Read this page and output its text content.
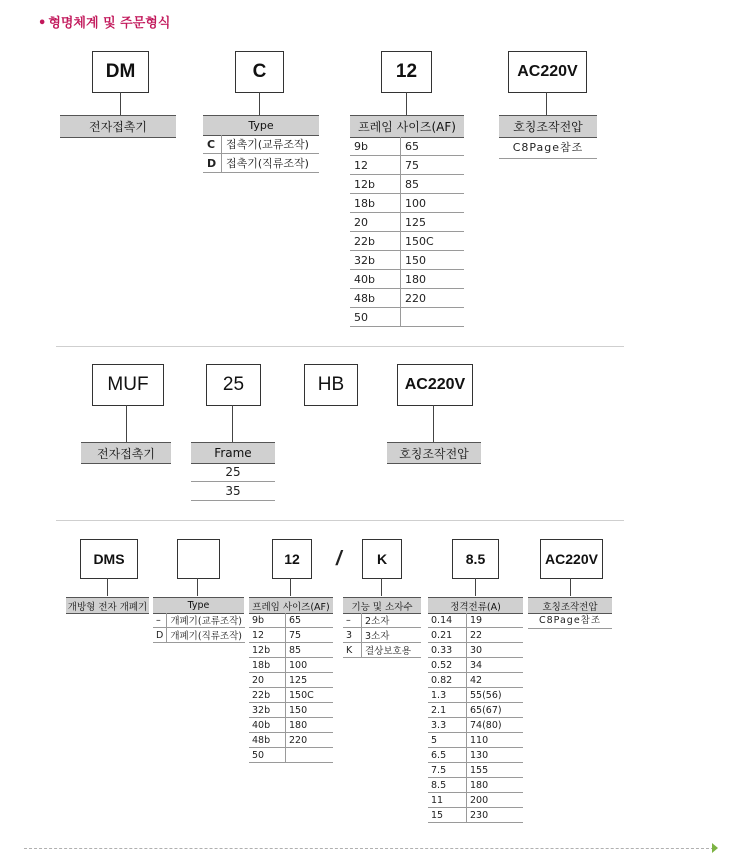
• 형명체계 및 주문형식
DM
전자접촉기
C
Type
C	접촉기(교류조작)
D	접촉기(직류조작)
12
프레임 사이즈(AF)
9b	65
12	75
12b	85
18b	100
20	125
22b	150C
32b	150
40b	180
48b	220
50	
AC220V
호칭조작전압
C8Page참조
MUF
전자접촉기
25
Frame
25
35
HB	AC220V
호칭조작전압
DMS
개방형 전자 개폐기	Type
–	개폐기(교류조작)
D	개폐기(직류조작)
12
프레임 사이즈(AF)
9b	65
12	75
12b	85
18b	100
20	125
22b	150C
32b	150
40b	180
48b	220
50	
/	K
기능 및 소자수
–	2소자
3	3소자
K	결상보호용
8.5
정격전류(A)
0.14	19
0.21	22
0.33	30
0.52	34
0.82	42
1.3	55(56)
2.1	65(67)
3.3	74(80)
5	110
6.5	130
7.5	155
8.5	180
11	200
15	230
AC220V
호칭조작전압
C8Page참조
